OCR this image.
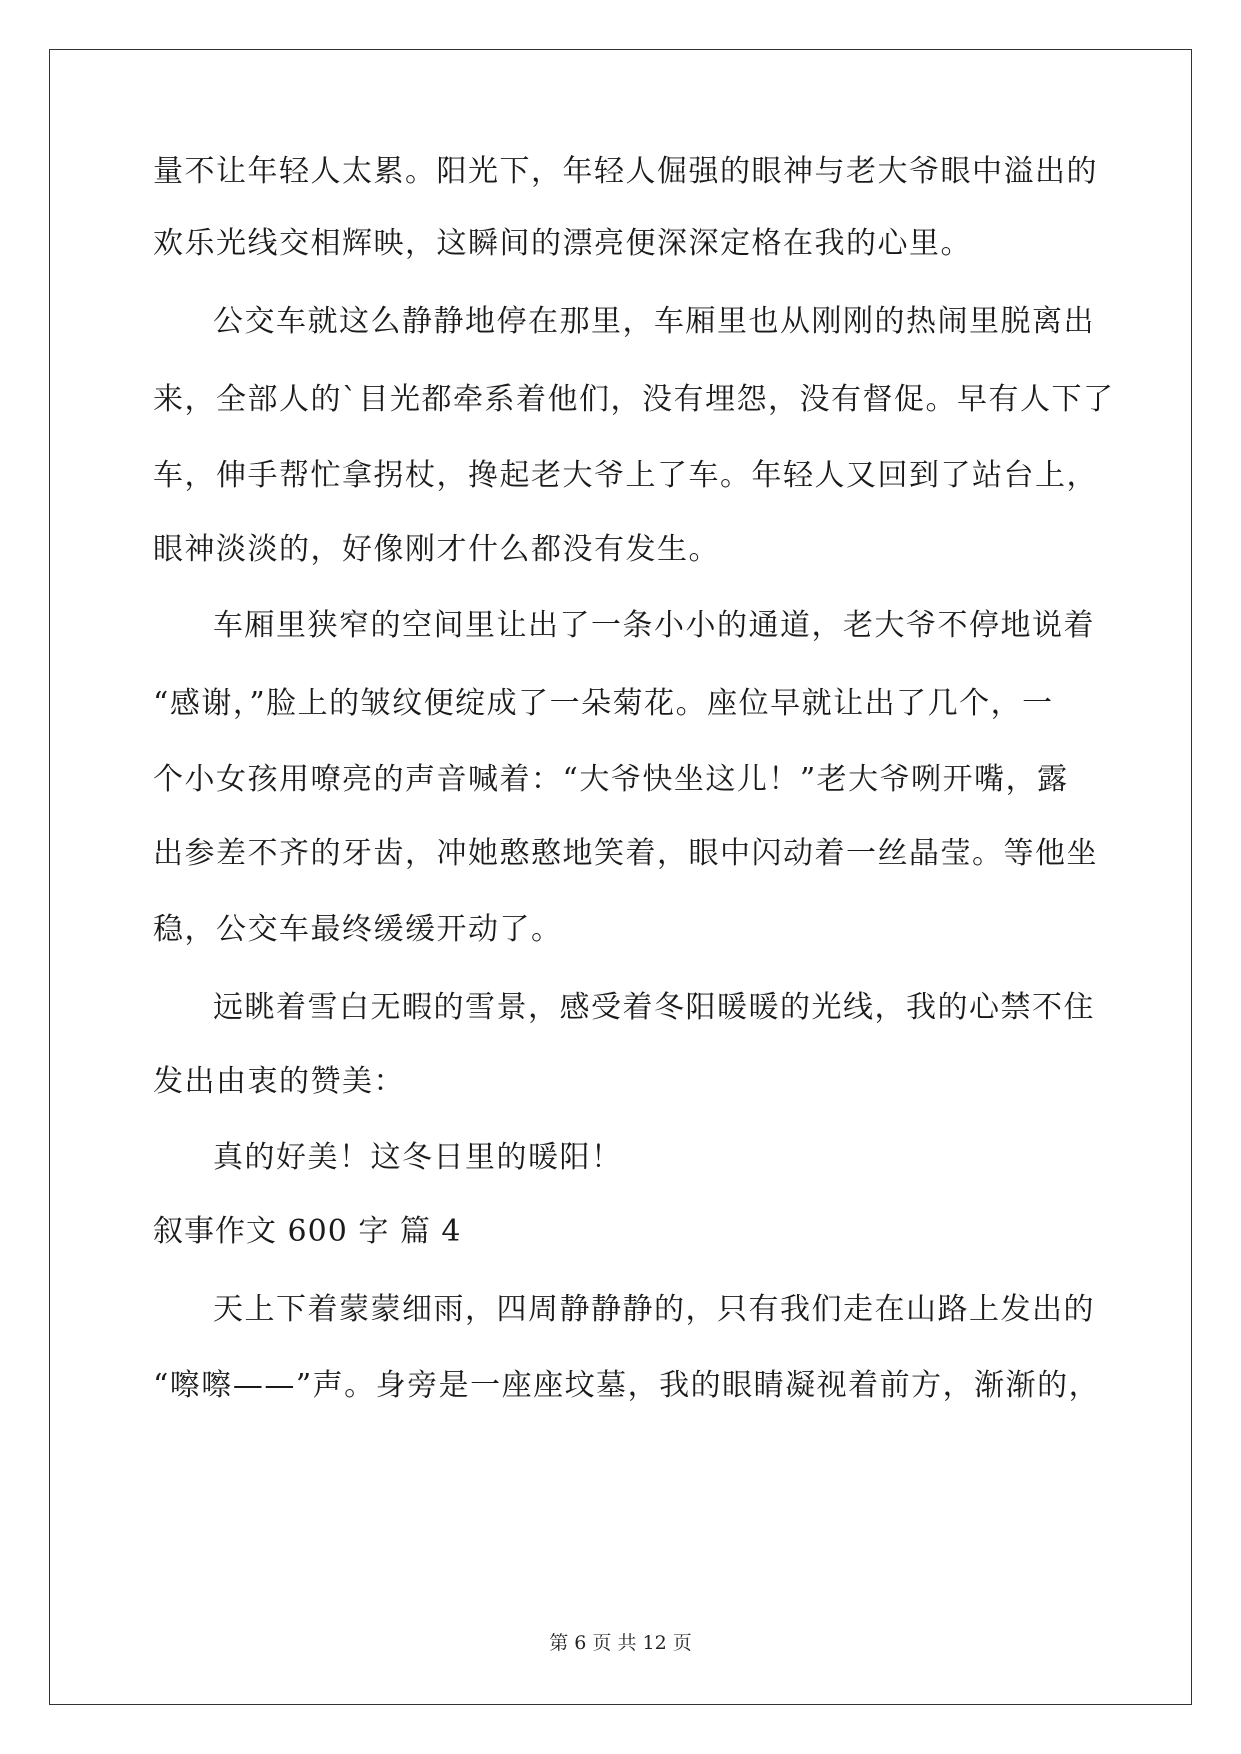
量不让年轻人太累。阳光下，年轻人倔强的眼神与老大爷眼中溢出的
欢乐光线交相辉映，这瞬间的漂亮便深深定格在我的心里。
公交车就这么静静地停在那里，车厢里也从刚刚的热闹里脱离出
来，全部人的`目光都牵系着他们，没有埋怨，没有督促。早有人下了
车，伸手帮忙拿拐杖，搀起老大爷上了车。年轻人又回到了站台上，
眼神淡淡的，好像刚才什么都没有发生。
车厢里狭窄的空间里让出了一条小小的通道，老大爷不停地说着
“感谢，”脸上的皱纹便绽成了一朵菊花。座位早就让出了几个，一
个小女孩用嘹亮的声音喊着：“大爷快坐这儿！”老大爷咧开嘴，露
出参差不齐的牙齿，冲她憨憨地笑着，眼中闪动着一丝晶莹。等他坐
稳，公交车最终缓缓开动了。
远眺着雪白无暇的雪景，感受着冬阳暖暖的光线，我的心禁不住
发出由衷的赞美：
真的好美！这冬日里的暖阳！
叙事作文 600 字 篇 4
天上下着蒙蒙细雨，四周静静静的，只有我们走在山路上发出的
“嚓嚓——”声。身旁是一座座坟墓，我的眼睛凝视着前方，渐渐的，
第 6 页 共 12 页
